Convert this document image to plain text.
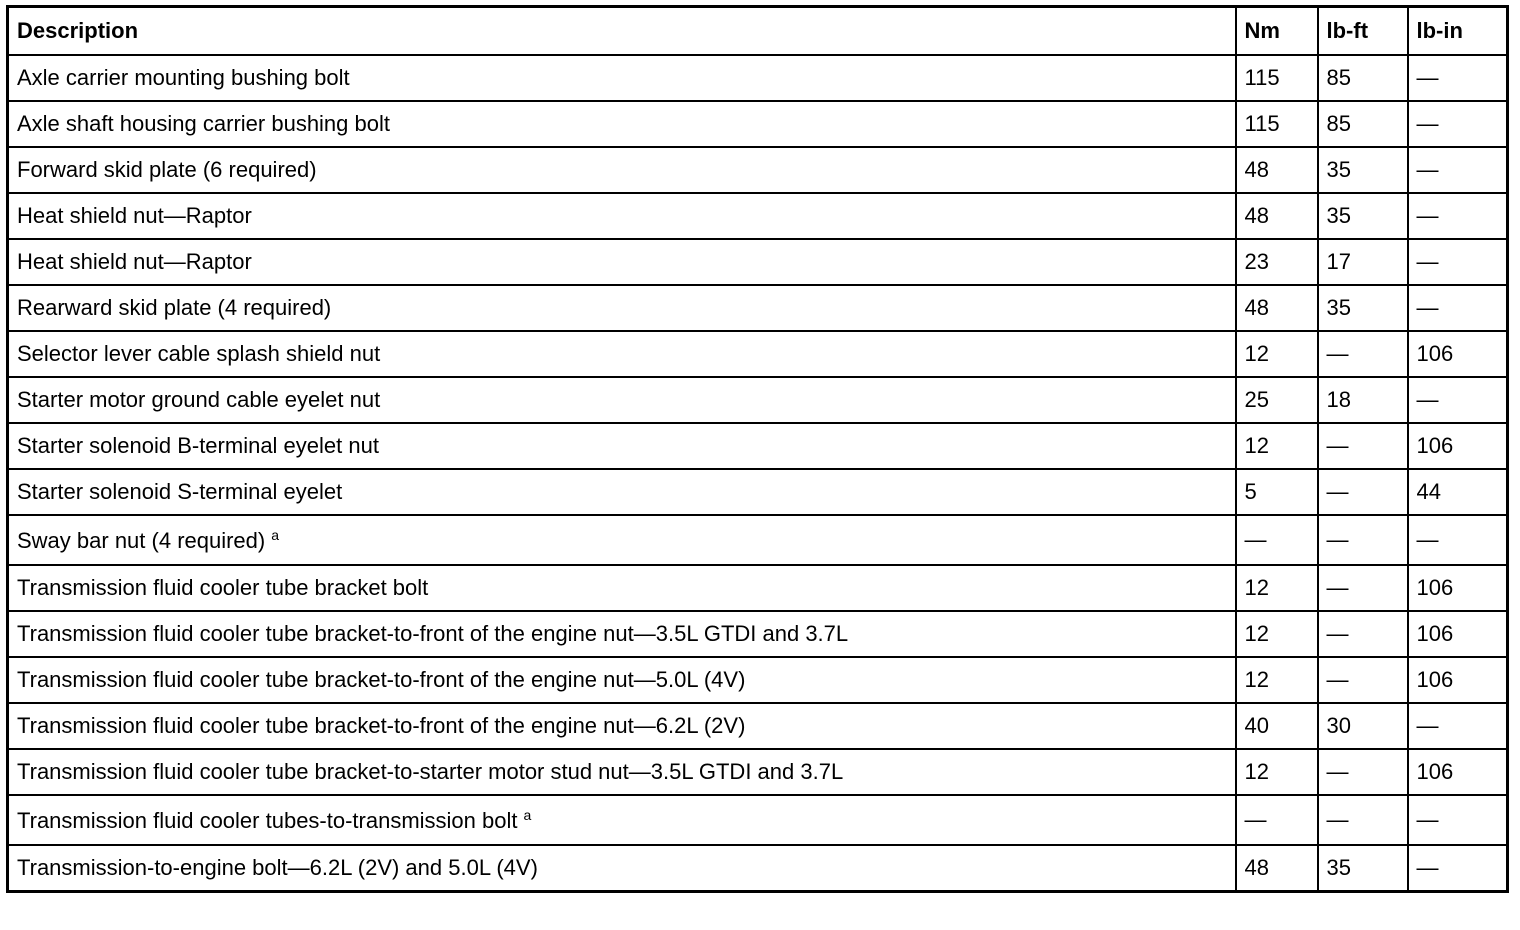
Description	Nm	lb-ft	lb-in
Axle carrier mounting bushing bolt	115	85	—
Axle shaft housing carrier bushing bolt	115	85	—
Forward skid plate (6 required)	48	35	—
Heat shield nut—Raptor	48	35	—
Heat shield nut—Raptor	23	17	—
Rearward skid plate (4 required)	48	35	—
Selector lever cable splash shield nut	12	—	106
Starter motor ground cable eyelet nut	25	18	—
Starter solenoid B-terminal eyelet nut	12	—	106
Starter solenoid S-terminal eyelet	5	—	44
Sway bar nut (4 required) $^a$	—	—	—
Transmission fluid cooler tube bracket bolt	12	—	106
Transmission fluid cooler tube bracket-to-front of the engine nut—3.5L GTDI and 3.7L	12	—	106
Transmission fluid cooler tube bracket-to-front of the engine nut—5.0L (4V)	12	—	106
Transmission fluid cooler tube bracket-to-front of the engine nut—6.2L (2V)	40	30	—
Transmission fluid cooler tube bracket-to-starter motor stud nut—3.5L GTDI and 3.7L	12	—	106
Transmission fluid cooler tubes-to-transmission bolt $^a$	—	—	—
Transmission-to-engine bolt—6.2L (2V) and 5.0L (4V)	48	35	—
